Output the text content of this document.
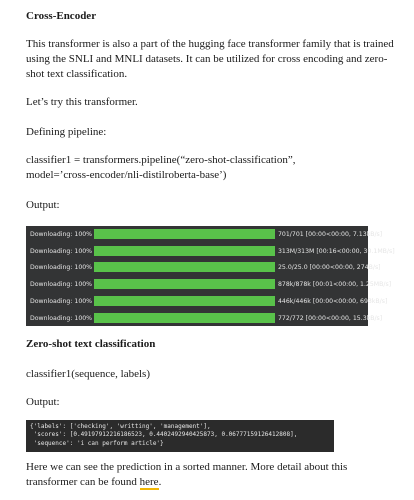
Cross-Encoder
This transformer is also a part of the hugging face transformer family that is trained
using the SNLI and MNLI datasets. It can be utilized for cross encoding and zero-
shot text classification.
Let’s try this transformer.
Defining pipeline:
classifier1 = transformers.pipeline(“zero-shot-classification”,
model=’cross-encoder/nli-distilroberta-base’)
Output:
Downloading: 100%	701/701 [00:00<00:00, 7.13kB/s]
Downloading: 100%	313M/313M [00:16<00:00, 30.1MB/s]
Downloading: 100%	25.0/25.0 [00:00<00:00, 274B/s]
Downloading: 100%	878k/878k [00:01<00:00, 1.25MB/s]
Downloading: 100%	446k/446k [00:00<00:00, 693kB/s]
Downloading: 100%	772/772 [00:00<00:00, 15.3kB/s]
Zero-shot text classification
classifier1(sequence, labels)
Output:
{'labels': ['checking', 'writting', 'management'],
'scores': [0.49197912216186523, 0.4402492940425873, 0.06777159126412808],
'sequence': 'i can perform article'}
Here we can see the prediction in a sorted manner. More detail about this
transformer can be found here.
